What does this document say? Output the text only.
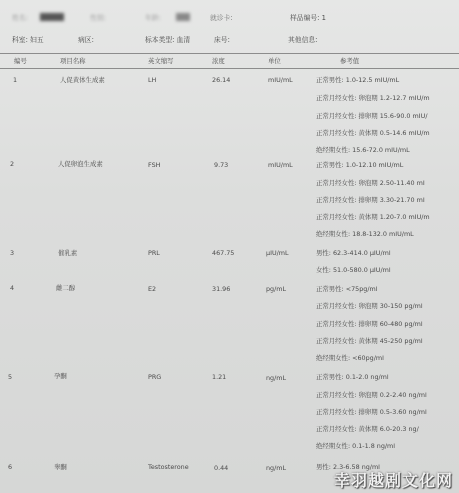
姓名:	性别:	年龄:	就诊卡:	样品编号: 1
科室: 妇五	病区:	标本类型: 血清	床号:	其他信息:
编号	项目名称	英文缩写	浓度	单位	参考值
1	人促黄体生成素	LH	26.14	mIU/mL	正常男性: 1.0-12.5 mIU/mL
正常月经女性: 卵泡期 1.2-12.7 mIU/m
正常月经女性: 排卵期 15.6-90.0 mIU/
正常月经女性: 黄体期 0.5-14.6 mIU/m
绝经期女性: 15.6-72.0 mIU/mL
2	人促卵泡生成素	FSH	9.73	mIU/mL	正常男性: 1.0-12.10 mIU/mL
正常月经女性: 卵泡期 2.50-11.40 mI
正常月经女性: 排卵期 3.30-21.70 mI
正常月经女性: 黄体期 1.20-7.0 mIU/m
绝经期女性: 18.8-132.0 mIU/mL
3	催乳素	PRL	467.75	μIU/mL	男性: 62.3-414.0 μIU/ml
女性: 51.0-580.0 μIU/ml
4	雌二醇	E2	31.96	pg/mL	正常男性: <75pg/ml
正常月经女性: 卵泡期 30-150 pg/ml
正常月经女性: 排卵期 60-480 pg/ml
正常月经女性: 黄体期 45-250 pg/ml
绝经期女性: <60pg/ml
5	孕酮	PRG	1.21	ng/mL	正常男性: 0.1-2.0 ng/ml
正常月经女性: 卵泡期 0.2-2.40 ng/ml
正常月经女性: 排卵期 0.5-3.60 ng/ml
正常月经女性: 黄体期 6.0-20.3 ng/
绝经期女性: 0.1-1.8 ng/ml
6	睾酮	Testosterone	0.44	ng/mL	男性: 2.3-6.58 ng/ml
幸羽越剧文化网
